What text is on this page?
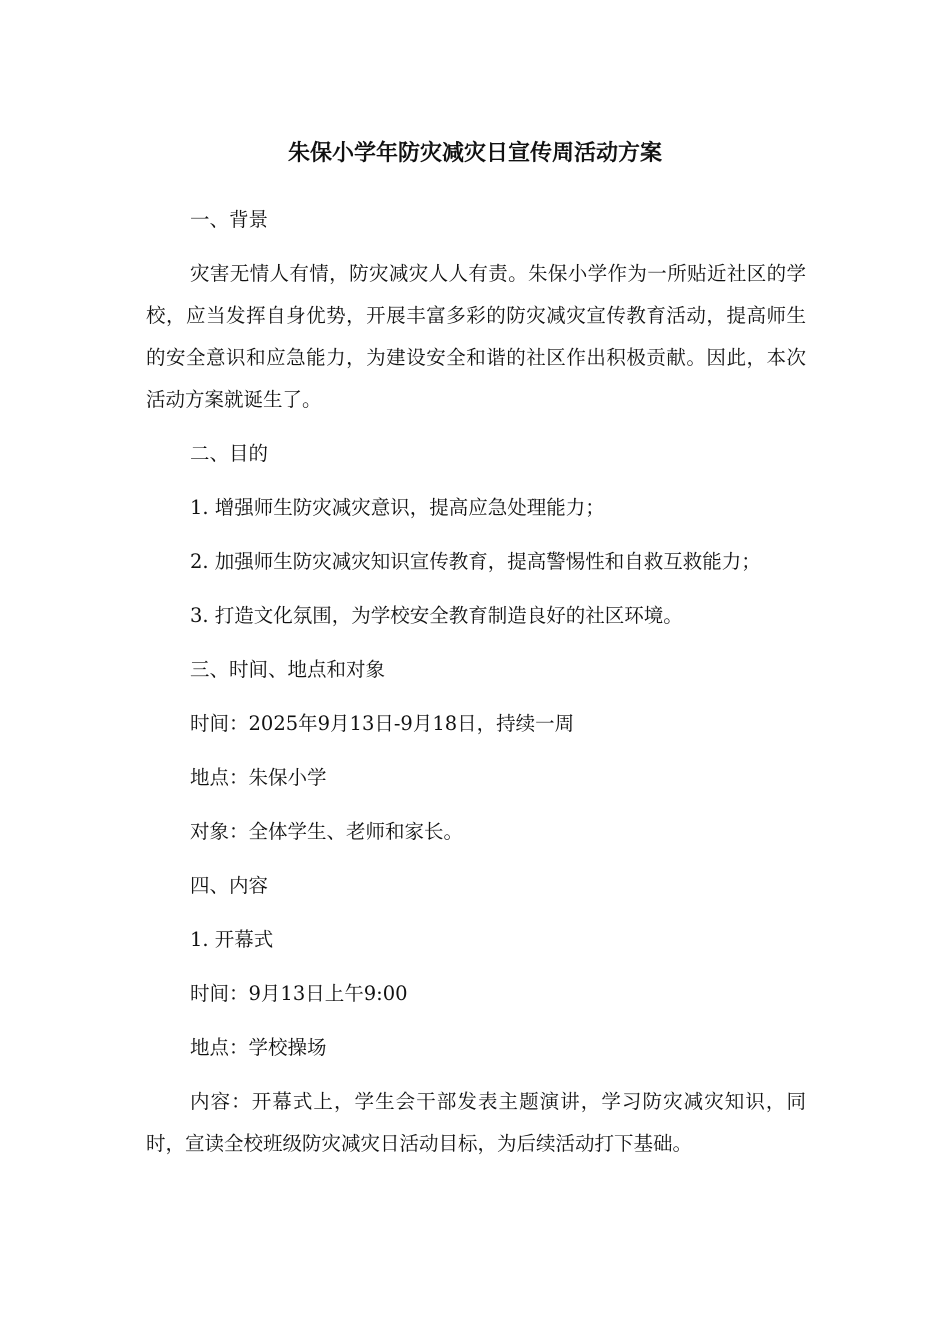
朱保小学年防灾减灾日宣传周活动方案

一、背景

灾害无情人有情，防灾减灾人人有责。朱保小学作为一所贴近社区的学校，应当发挥自身优势，开展丰富多彩的防灾减灾宣传教育活动，提高师生的安全意识和应急能力，为建设安全和谐的社区作出积极贡献。因此，本次活动方案就诞生了。

二、目的

1. 增强师生防灾减灾意识，提高应急处理能力；

2. 加强师生防灾减灾知识宣传教育，提高警惕性和自救互救能力；

3. 打造文化氛围，为学校安全教育制造良好的社区环境。

三、时间、地点和对象

时间：2025年9月13日-9月18日，持续一周

地点：朱保小学

对象：全体学生、老师和家长。

四、内容

1. 开幕式

时间：9月13日上午9:00

地点：学校操场

内容：开幕式上，学生会干部发表主题演讲，学习防灾减灾知识，同时，宣读全校班级防灾减灾日活动目标，为后续活动打下基础。
